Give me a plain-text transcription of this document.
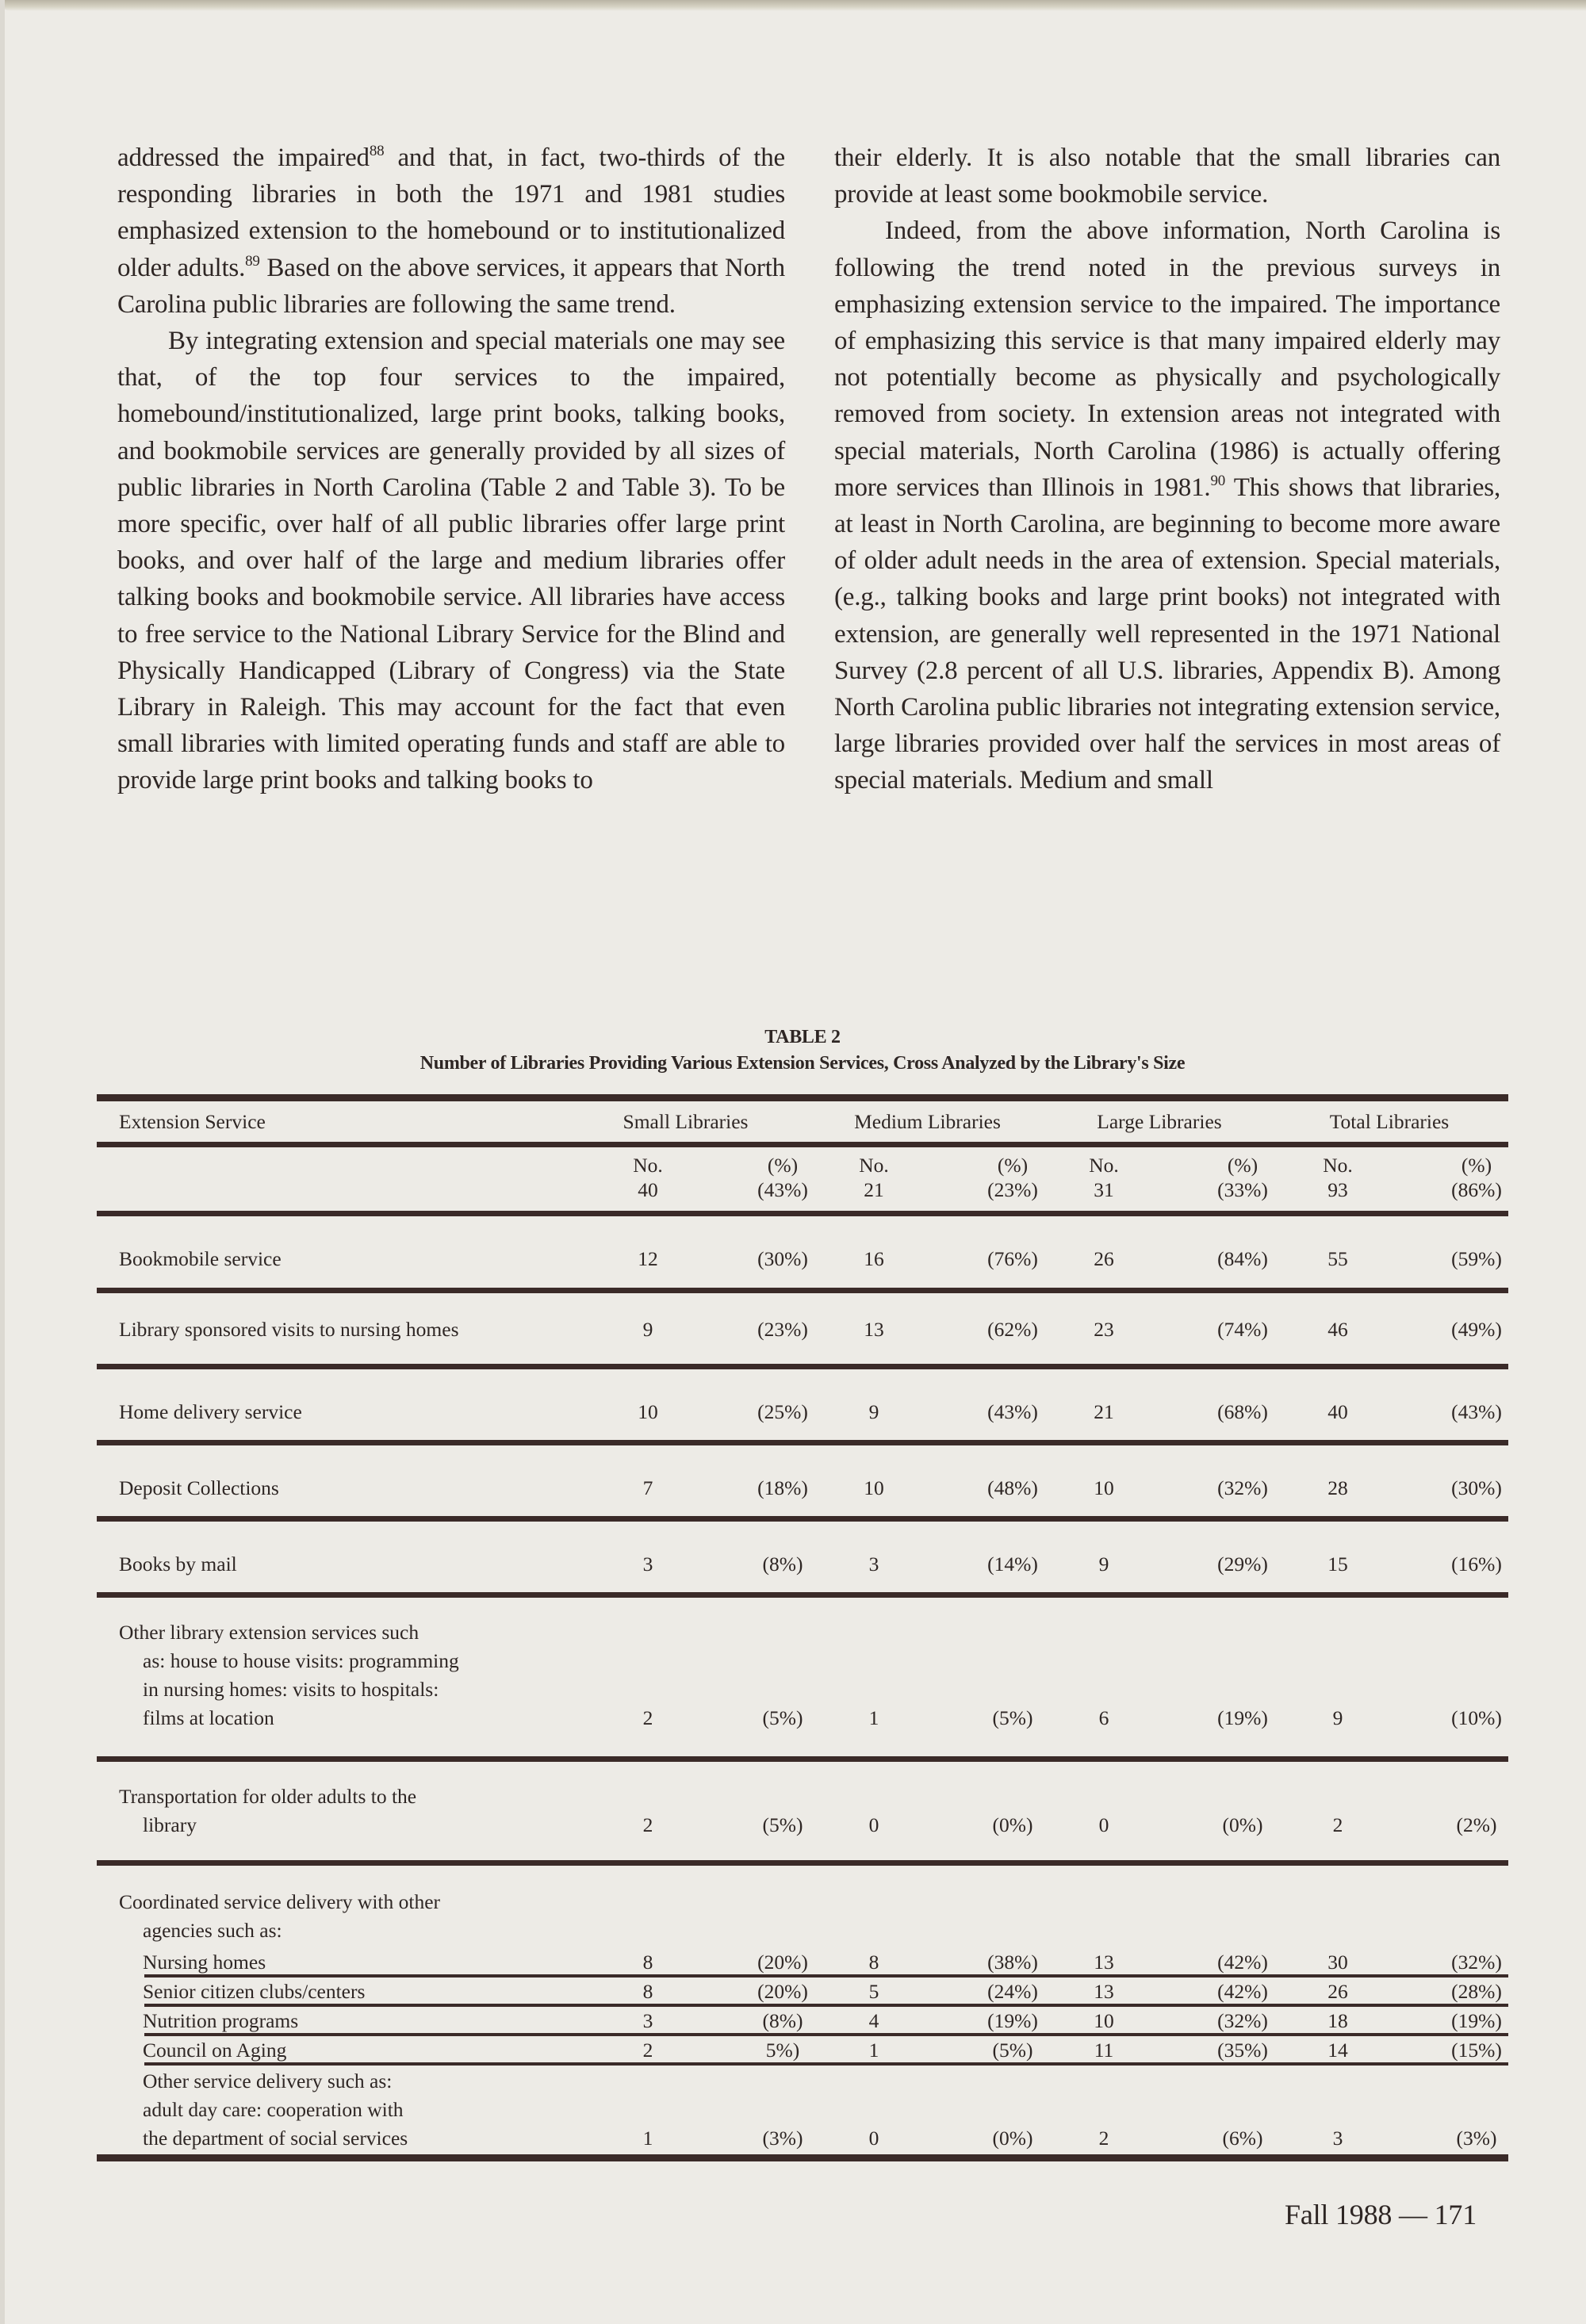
addressed the impaired$^{88}$ and that, in fact, two-thirds of the responding libraries in both the 1971 and 1981 studies emphasized extension to the homebound or to institutionalized older adults.$^{89}$ Based on the above services, it appears that North Carolina public libraries are following the same trend.

By integrating extension and special materials one may see that, of the top four services to the impaired, homebound/institutionalized, large print books, talking books, and bookmobile services are generally provided by all sizes of public libraries in North Carolina (Table 2 and Table 3). To be more specific, over half of all public libraries offer large print books, and over half of the large and medium libraries offer talking books and bookmobile service. All libraries have access to free service to the National Library Service for the Blind and Physically Handicapped (Library of Congress) via the State Library in Raleigh. This may account for the fact that even small libraries with limited operating funds and staff are able to provide large print books and talking books to

their elderly. It is also notable that the small libraries can provide at least some bookmobile service.

Indeed, from the above information, North Carolina is following the trend noted in the previous surveys in emphasizing extension service to the impaired. The importance of emphasizing this service is that many impaired elderly may not potentially become as physically and psychologically removed from society. In extension areas not integrated with special materials, North Carolina (1986) is actually offering more services than Illinois in 1981.90 This shows that libraries, at least in North Carolina, are beginning to become more aware of older adult needs in the area of extension. Special materials, (e.g., talking books and large print books) not integrated with extension, are generally well represented in the 1971 National Survey (2.8 percent of all U.S. libraries, Appendix B). Among North Carolina public libraries not integrating extension service, large libraries provided over half the services in most areas of special materials. Medium and small

TABLE 2
Number of Libraries Providing Various Extension Services, Cross Analyzed by the Library's Size
Extension Service	Small Libraries	Medium Libraries	Large Libraries	Total Libraries
No.	(%)	No.	(%)	No.	(%)	No.	(%)
40	(43%)	21	(23%)	31	(33%)	93	(86%)
Bookmobile service	12	(30%)	16	(76%)	26	(84%)	55	(59%)
Library sponsored visits to nursing homes	9	(23%)	13	(62%)	23	(74%)	46	(49%)
Home delivery service	10	(25%)	9	(43%)	21	(68%)	40	(43%)
Deposit Collections	7	(18%)	10	(48%)	10	(32%)	28	(30%)
Books by mail	3	(8%)	3	(14%)	9	(29%)	15	(16%)
Other library extension services such
as: house to house visits: programming
in nursing homes: visits to hospitals:
films at location	2	(5%)	1	(5%)	6	(19%)	9	(10%)
Transportation for older adults to the
library	2	(5%)	0	(0%)	0	(0%)	2	(2%)
Coordinated service delivery with other
agencies such as:
Nursing homes	8	(20%)	8	(38%)	13	(42%)	30	(32%)
Senior citizen clubs/centers	8	(20%)	5	(24%)	13	(42%)	26	(28%)
Nutrition programs	3	(8%)	4	(19%)	10	(32%)	18	(19%)
Council on Aging	2	5%)	1	(5%)	11	(35%)	14	(15%)
Other service delivery such as:
adult day care: cooperation with
the department of social services	1	(3%)	0	(0%)	2	(6%)	3	(3%)
Fall 1988 — 171
